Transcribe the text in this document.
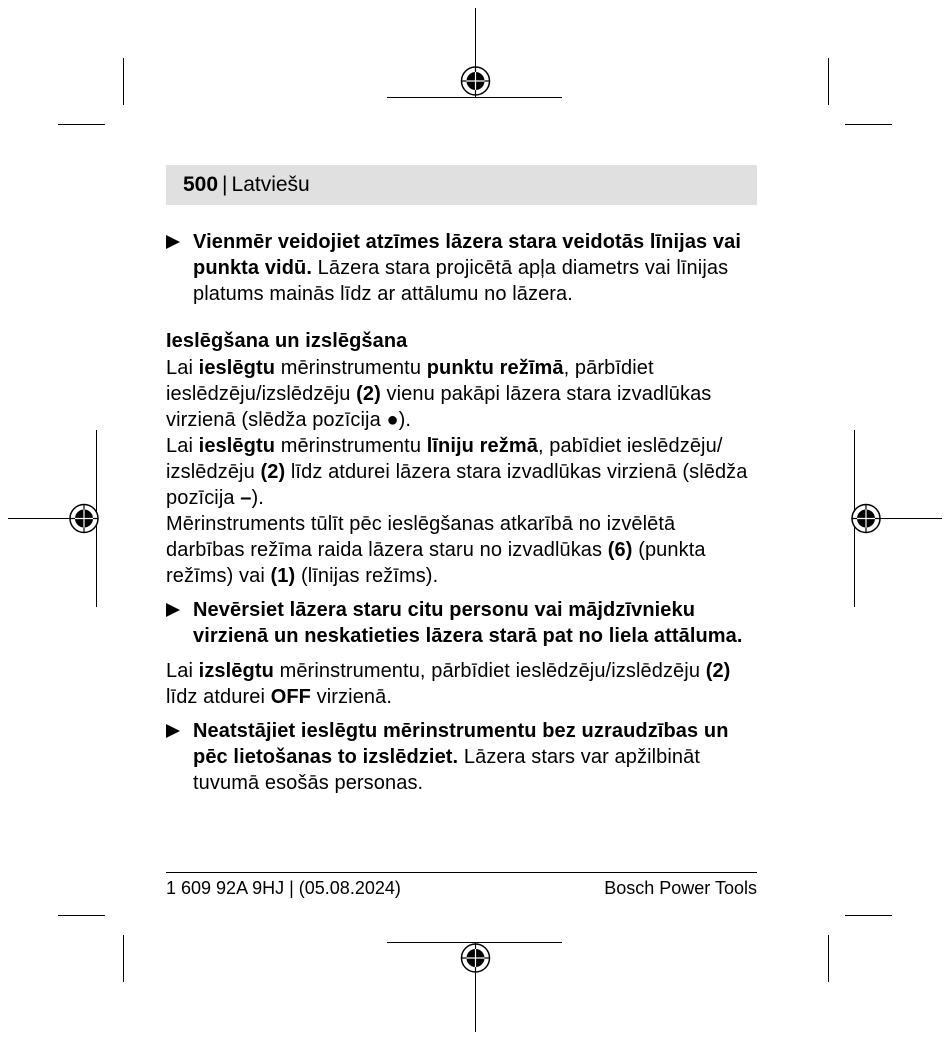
500 | Latviešu
Vienmēr veidojiet atzīmes lāzera stara veidotās līnijas vai
punkta vidū. Lāzera stara projicētā apļa diametrs vai līnijas
platums mainās līdz ar attālumu no lāzera.
Ieslēgšana un izslēgšana
Lai ieslēgtu mērinstrumentu punktu režīmā, pārbīdiet
ieslēdzēju/izslēdzēju (2) vienu pakāpi lāzera stara izvadlūkas
virzienā (slēdža pozīcija ●).
Lai ieslēgtu mērinstrumentu līniju režmā, pabīdiet ieslēdzēju/
izslēdzēju (2) līdz atdurei lāzera stara izvadlūkas virzienā (slēdža
pozīcija –).
Mērinstruments tūlīt pēc ieslēgšanas atkarībā no izvēlētā
darbības režīma raida lāzera staru no izvadlūkas (6) (punkta
režīms) vai (1) (līnijas režīms).
Nevērsiet lāzera staru citu personu vai mājdzīvnieku
virzienā un neskatieties lāzera starā pat no liela attāluma.
Lai izslēgtu mērinstrumentu, pārbīdiet ieslēdzēju/izslēdzēju (2)
līdz atdurei OFF virzienā.
Neatstājiet ieslēgtu mērinstrumentu bez uzraudzības un
pēc lietošanas to izslēdziet. Lāzera stars var apžilbināt
tuvumā esošās personas.
1 609 92A 9HJ | (05.08.2024)	Bosch Power Tools
